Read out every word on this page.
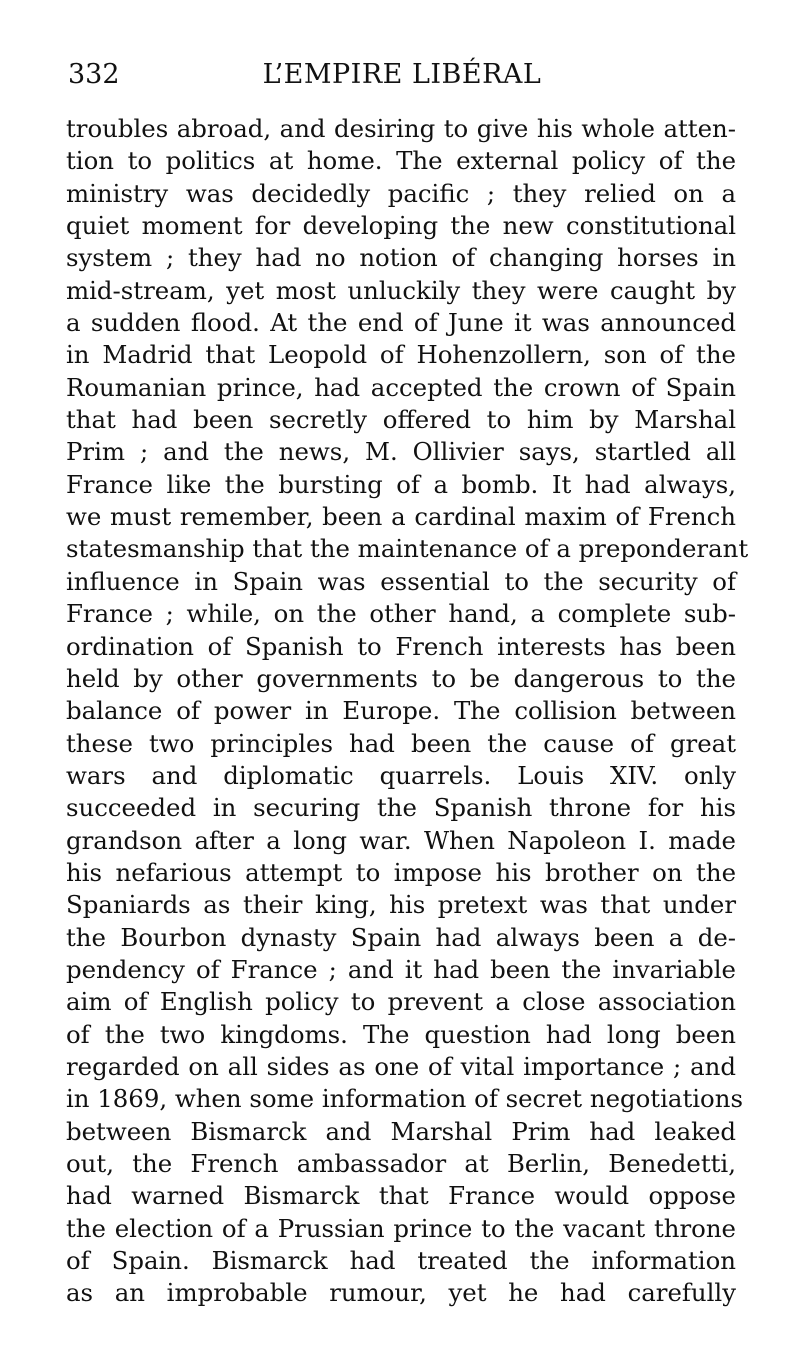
332	L’EMPIRE LIBÉRAL
troubles abroad, and desiring to give his whole atten-
tion to politics at home. The external policy of the
ministry was decidedly pacific ; they relied on a
quiet moment for developing the new constitutional
system ; they had no notion of changing horses in
mid-stream, yet most unluckily they were caught by
a sudden flood. At the end of June it was announced
in Madrid that Leopold of Hohenzollern, son of the
Roumanian prince, had accepted the crown of Spain
that had been secretly offered to him by Marshal
Prim ; and the news, M. Ollivier says, startled all
France like the bursting of a bomb. It had always,
we must remember, been a cardinal maxim of French
statesmanship that the maintenance of a preponderant
influence in Spain was essential to the security of
France ; while, on the other hand, a complete sub-
ordination of Spanish to French interests has been
held by other governments to be dangerous to the
balance of power in Europe. The collision between
these two principles had been the cause of great
wars and diplomatic quarrels. Louis XIV. only
succeeded in securing the Spanish throne for his
grandson after a long war. When Napoleon I. made
his nefarious attempt to impose his brother on the
Spaniards as their king, his pretext was that under
the Bourbon dynasty Spain had always been a de-
pendency of France ; and it had been the invariable
aim of English policy to prevent a close association
of the two kingdoms. The question had long been
regarded on all sides as one of vital importance ; and
in 1869, when some information of secret negotiations
between Bismarck and Marshal Prim had leaked
out, the French ambassador at Berlin, Benedetti,
had warned Bismarck that France would oppose
the election of a Prussian prince to the vacant throne
of Spain. Bismarck had treated the information
as an improbable rumour, yet he had carefully
